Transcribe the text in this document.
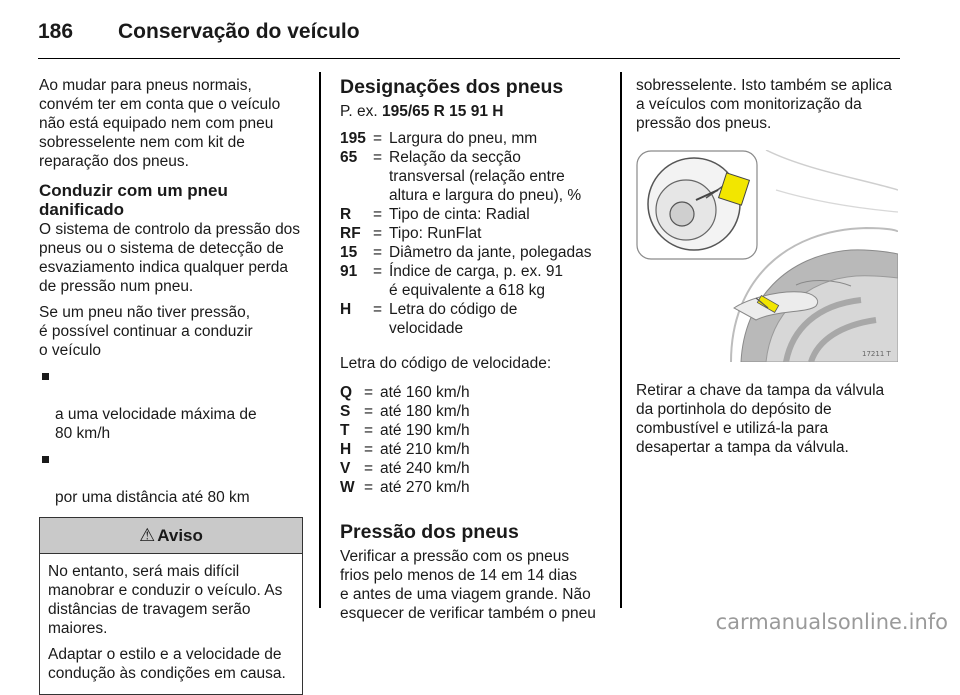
186 Conservação do veículo

Ao mudar para pneus normais,
convém ter em conta que o veículo
não está equipado nem com pneu
sobresselente nem com kit de
reparação dos pneus.

Conduzir com um pneu
danificado

O sistema de controlo da pressão dos
pneus ou o sistema de detecção de
esvaziamento indica qualquer perda
de pressão num pneu.

Se um pneu não tiver pressão,
é possível continuar a conduzir
o veículo

a uma velocidade máxima de
80 km/h

por uma distância até 80 km

⚠ Aviso

No entanto, será mais difícil
manobrar e conduzir o veículo. As
distâncias de travagem serão
maiores.

Adaptar o estilo e a velocidade de
condução às condições em causa.

Designações dos pneus
P. ex. 195/65 R 15 91 H
195 = Largura do pneu, mm
65	= Relação da secção
transversal (relação entre
altura e largura do pneu), %
R	= Tipo de cinta: Radial
RF = Tipo: RunFlat
15	= Diâmetro da jante, polegadas
91	= Índice de carga, p. ex. 91
é equivalente a 618 kg
H	= Letra do código de
velocidade

Letra do código de velocidade:

Q = até 160 km/h
S = até 180 km/h
T = até 190 km/h
H = até 210 km/h
V = até 240 km/h
W = até 270 km/h
Pressão dos pneus

Verificar a pressão com os pneus
frios pelo menos de 14 em 14 dias
e antes de uma viagem grande. Não
esquecer de verificar também o pneu

sobresselente. Isto também se aplica
a veículos com monitorização da
pressão dos pneus.

17211 T

Retirar a chave da tampa da válvula
da portinhola do depósito de
combustível e utilizá-la para
desapertar a tampa da válvula.

carmanualsonline.info
